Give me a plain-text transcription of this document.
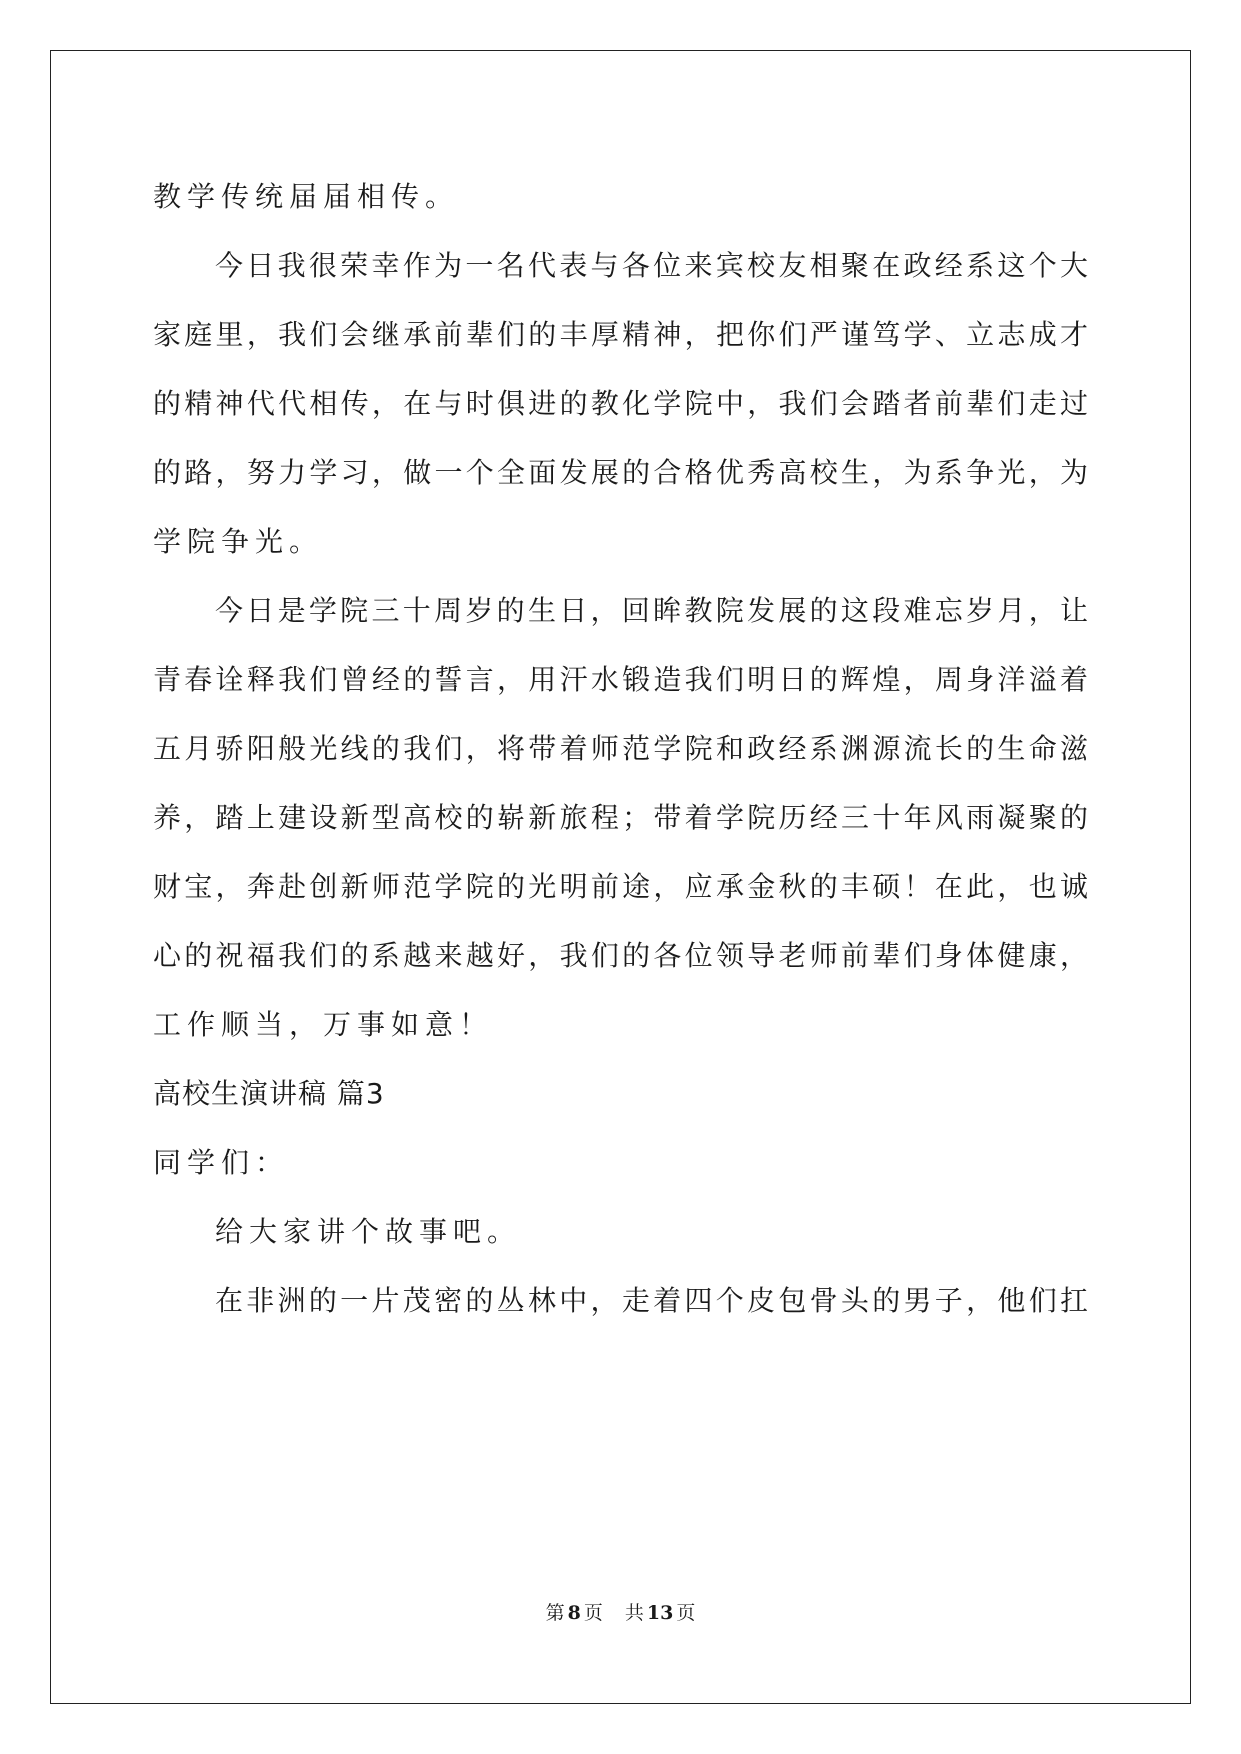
教学传统届届相传。
今日我很荣幸作为一名代表与各位来宾校友相聚在政经系这个大
家庭里，我们会继承前辈们的丰厚精神，把你们严谨笃学、立志成才
的精神代代相传，在与时俱进的教化学院中，我们会踏者前辈们走过
的路，努力学习，做一个全面发展的合格优秀高校生，为系争光，为
学院争光。
今日是学院三十周岁的生日，回眸教院发展的这段难忘岁月，让
青春诠释我们曾经的誓言，用汗水锻造我们明日的辉煌，周身洋溢着
五月骄阳般光线的我们，将带着师范学院和政经系渊源流长的生命滋
养，踏上建设新型高校的崭新旅程；带着学院历经三十年风雨凝聚的
财宝，奔赴创新师范学院的光明前途，应承金秋的丰硕！在此，也诚
心的祝福我们的系越来越好，我们的各位领导老师前辈们身体健康，
工作顺当，万事如意！
高校生演讲稿 篇3
同学们：
给大家讲个故事吧。
在非洲的一片茂密的丛林中，走着四个皮包骨头的男子，他们扛
第 8 页 共 13 页
